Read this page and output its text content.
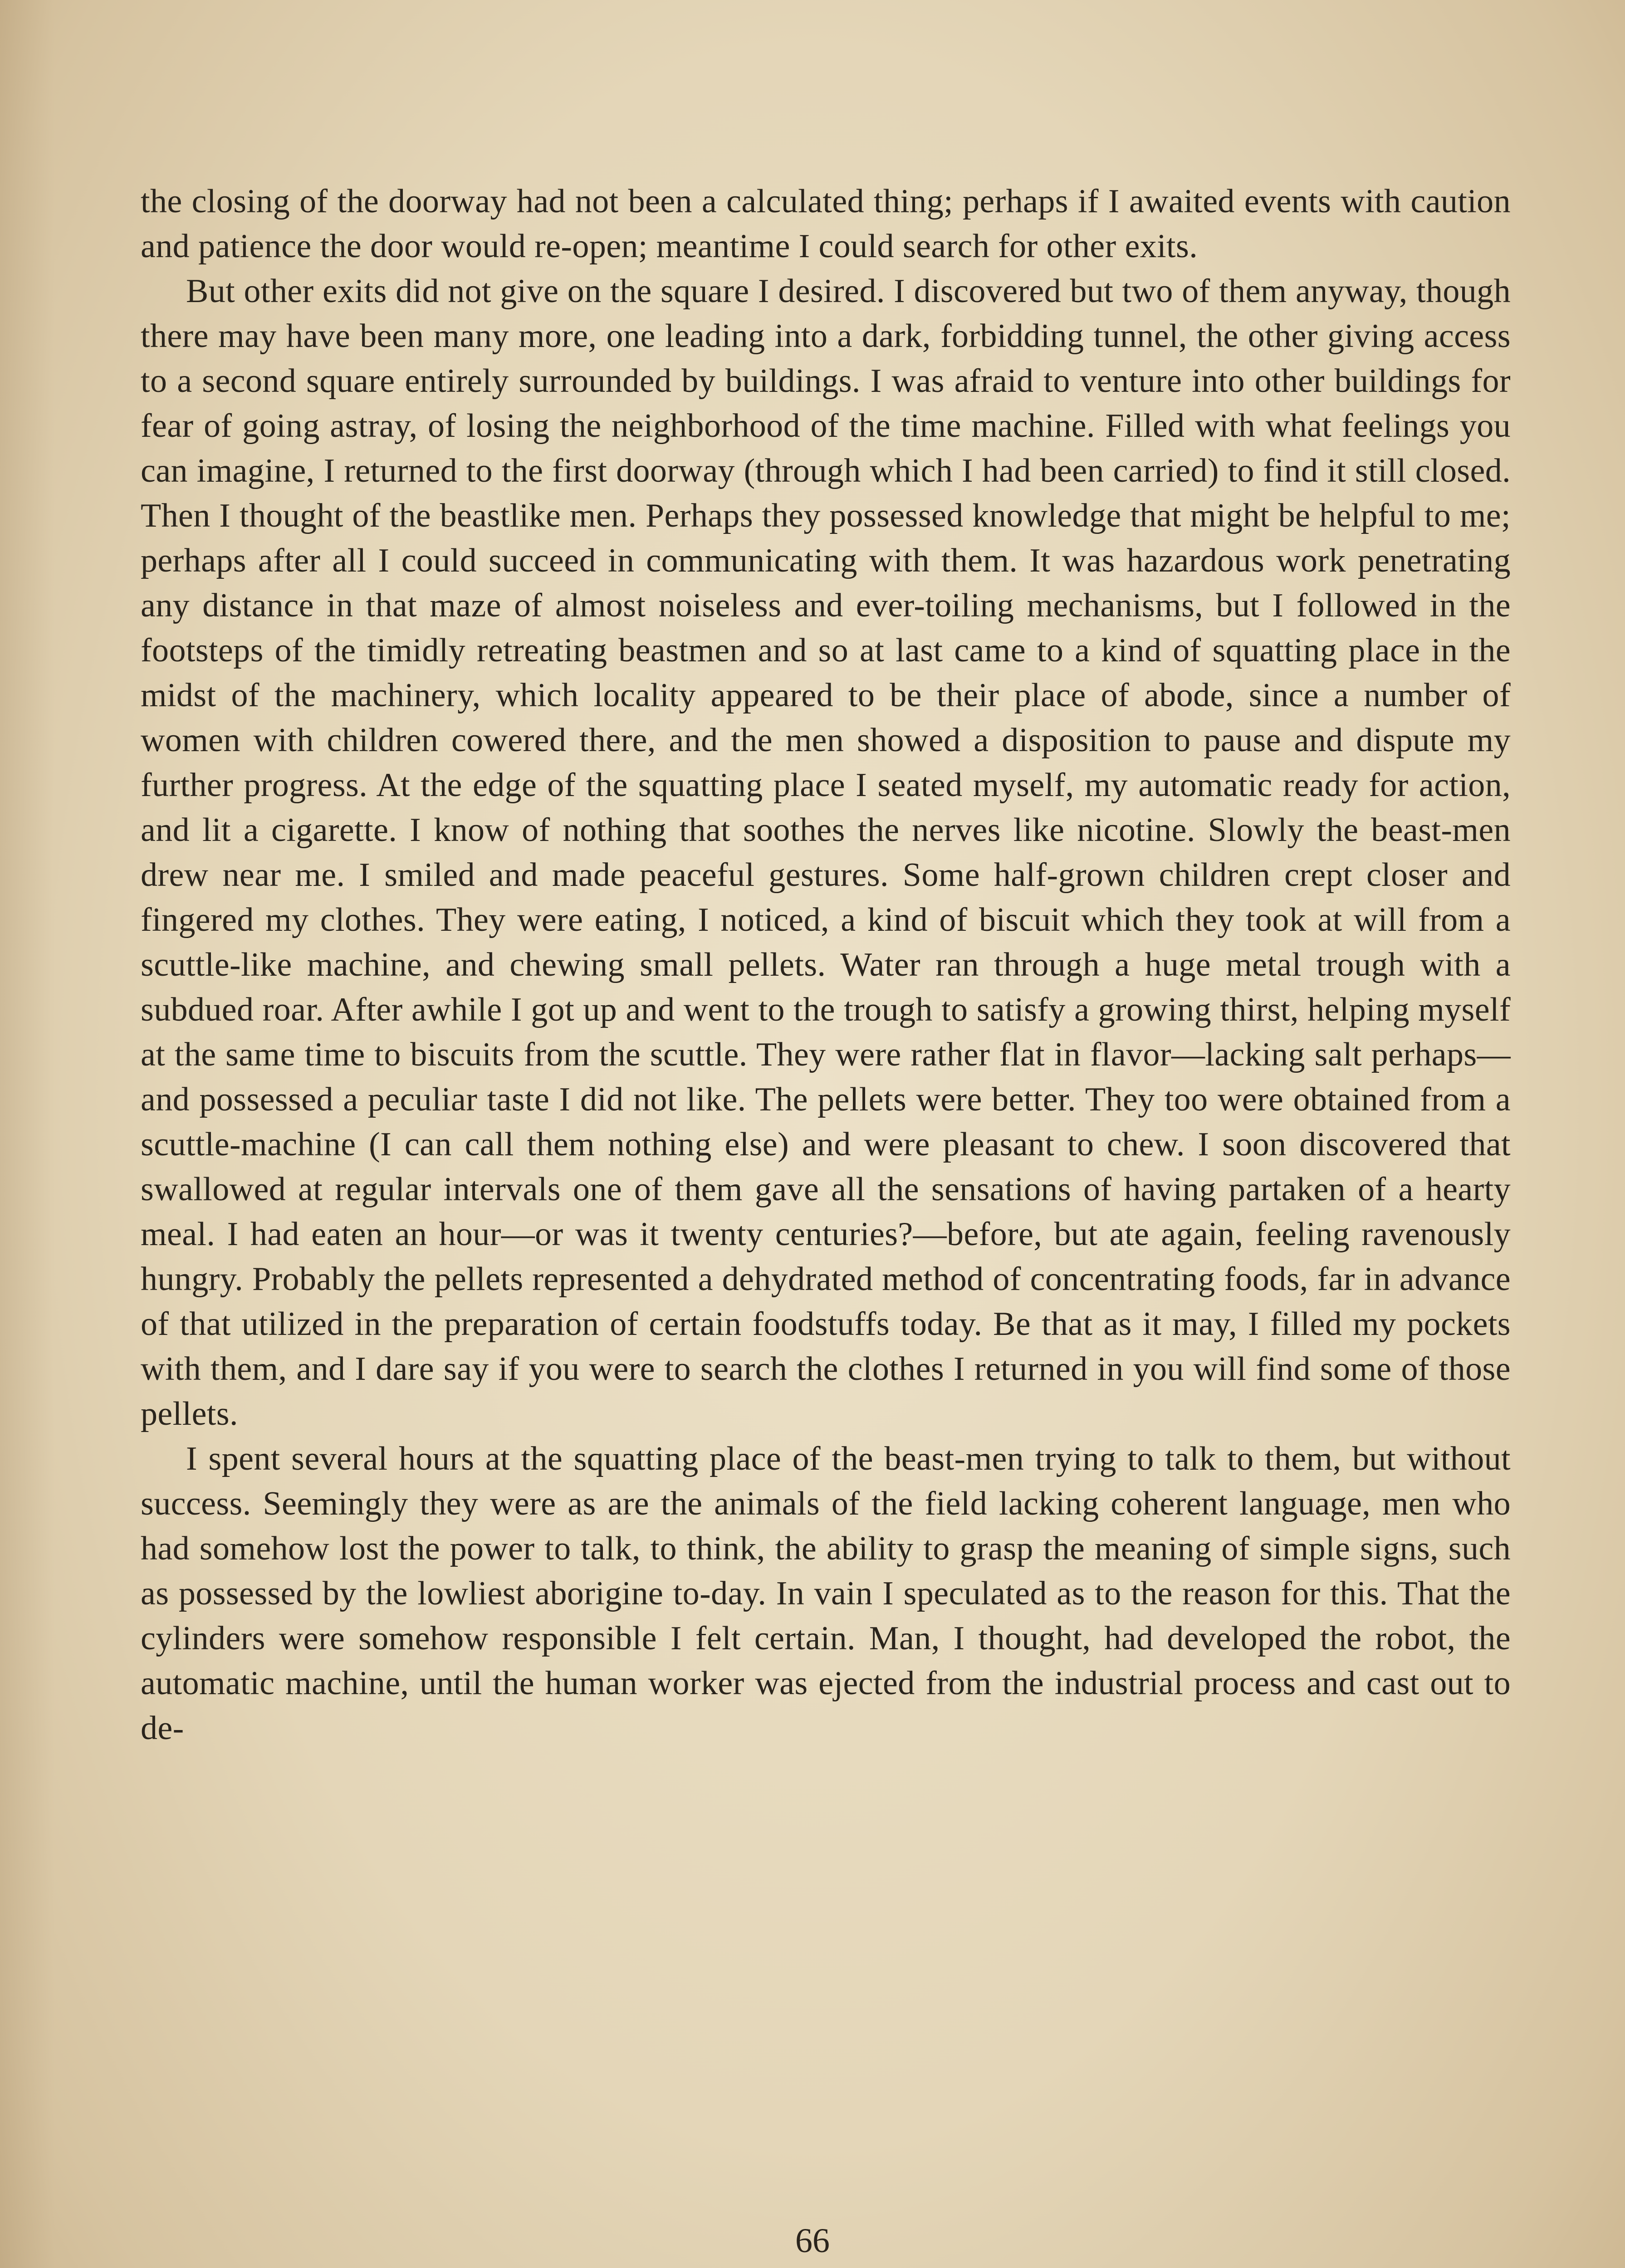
the closing of the doorway had not been a calculated thing; perhaps if I awaited events with caution and patience the door would re-open; meantime I could search for other exits.

But other exits did not give on the square I desired. I discovered but two of them anyway, though there may have been many more, one leading into a dark, forbidding tunnel, the other giving access to a second square entirely surrounded by buildings. I was afraid to venture into other buildings for fear of going astray, of losing the neighborhood of the time machine. Filled with what feelings you can imagine, I returned to the first doorway (through which I had been carried) to find it still closed. Then I thought of the beastlike men. Perhaps they possessed knowledge that might be helpful to me; perhaps after all I could succeed in communicating with them. It was hazardous work penetrating any distance in that maze of almost noiseless and ever-toiling mechanisms, but I followed in the footsteps of the timidly retreating beastmen and so at last came to a kind of squatting place in the midst of the machinery, which locality appeared to be their place of abode, since a number of women with children cowered there, and the men showed a disposition to pause and dispute my further progress. At the edge of the squatting place I seated myself, my automatic ready for action, and lit a cigarette. I know of nothing that soothes the nerves like nicotine. Slowly the beast-men drew near me. I smiled and made peaceful gestures. Some half-grown children crept closer and fingered my clothes. They were eating, I noticed, a kind of biscuit which they took at will from a scuttle-like machine, and chewing small pellets. Water ran through a huge metal trough with a subdued roar. After awhile I got up and went to the trough to satisfy a growing thirst, helping myself at the same time to biscuits from the scuttle. They were rather flat in flavor—lacking salt perhaps—and possessed a peculiar taste I did not like. The pellets were better. They too were obtained from a scuttle-machine (I can call them nothing else) and were pleasant to chew. I soon discovered that swallowed at regular intervals one of them gave all the sensations of having partaken of a hearty meal. I had eaten an hour—or was it twenty centuries?—before, but ate again, feeling ravenously hungry. Probably the pellets represented a dehydrated method of concentrating foods, far in advance of that utilized in the preparation of certain foodstuffs today. Be that as it may, I filled my pockets with them, and I dare say if you were to search the clothes I returned in you will find some of those pellets.

I spent several hours at the squatting place of the beast-men trying to talk to them, but without success. Seemingly they were as are the animals of the field lacking coherent language, men who had somehow lost the power to talk, to think, the ability to grasp the meaning of simple signs, such as possessed by the lowliest aborigine to-day. In vain I speculated as to the reason for this. That the cylinders were somehow responsible I felt certain. Man, I thought, had developed the robot, the automatic machine, until the human worker was ejected from the industrial process and cast out to de-

66
